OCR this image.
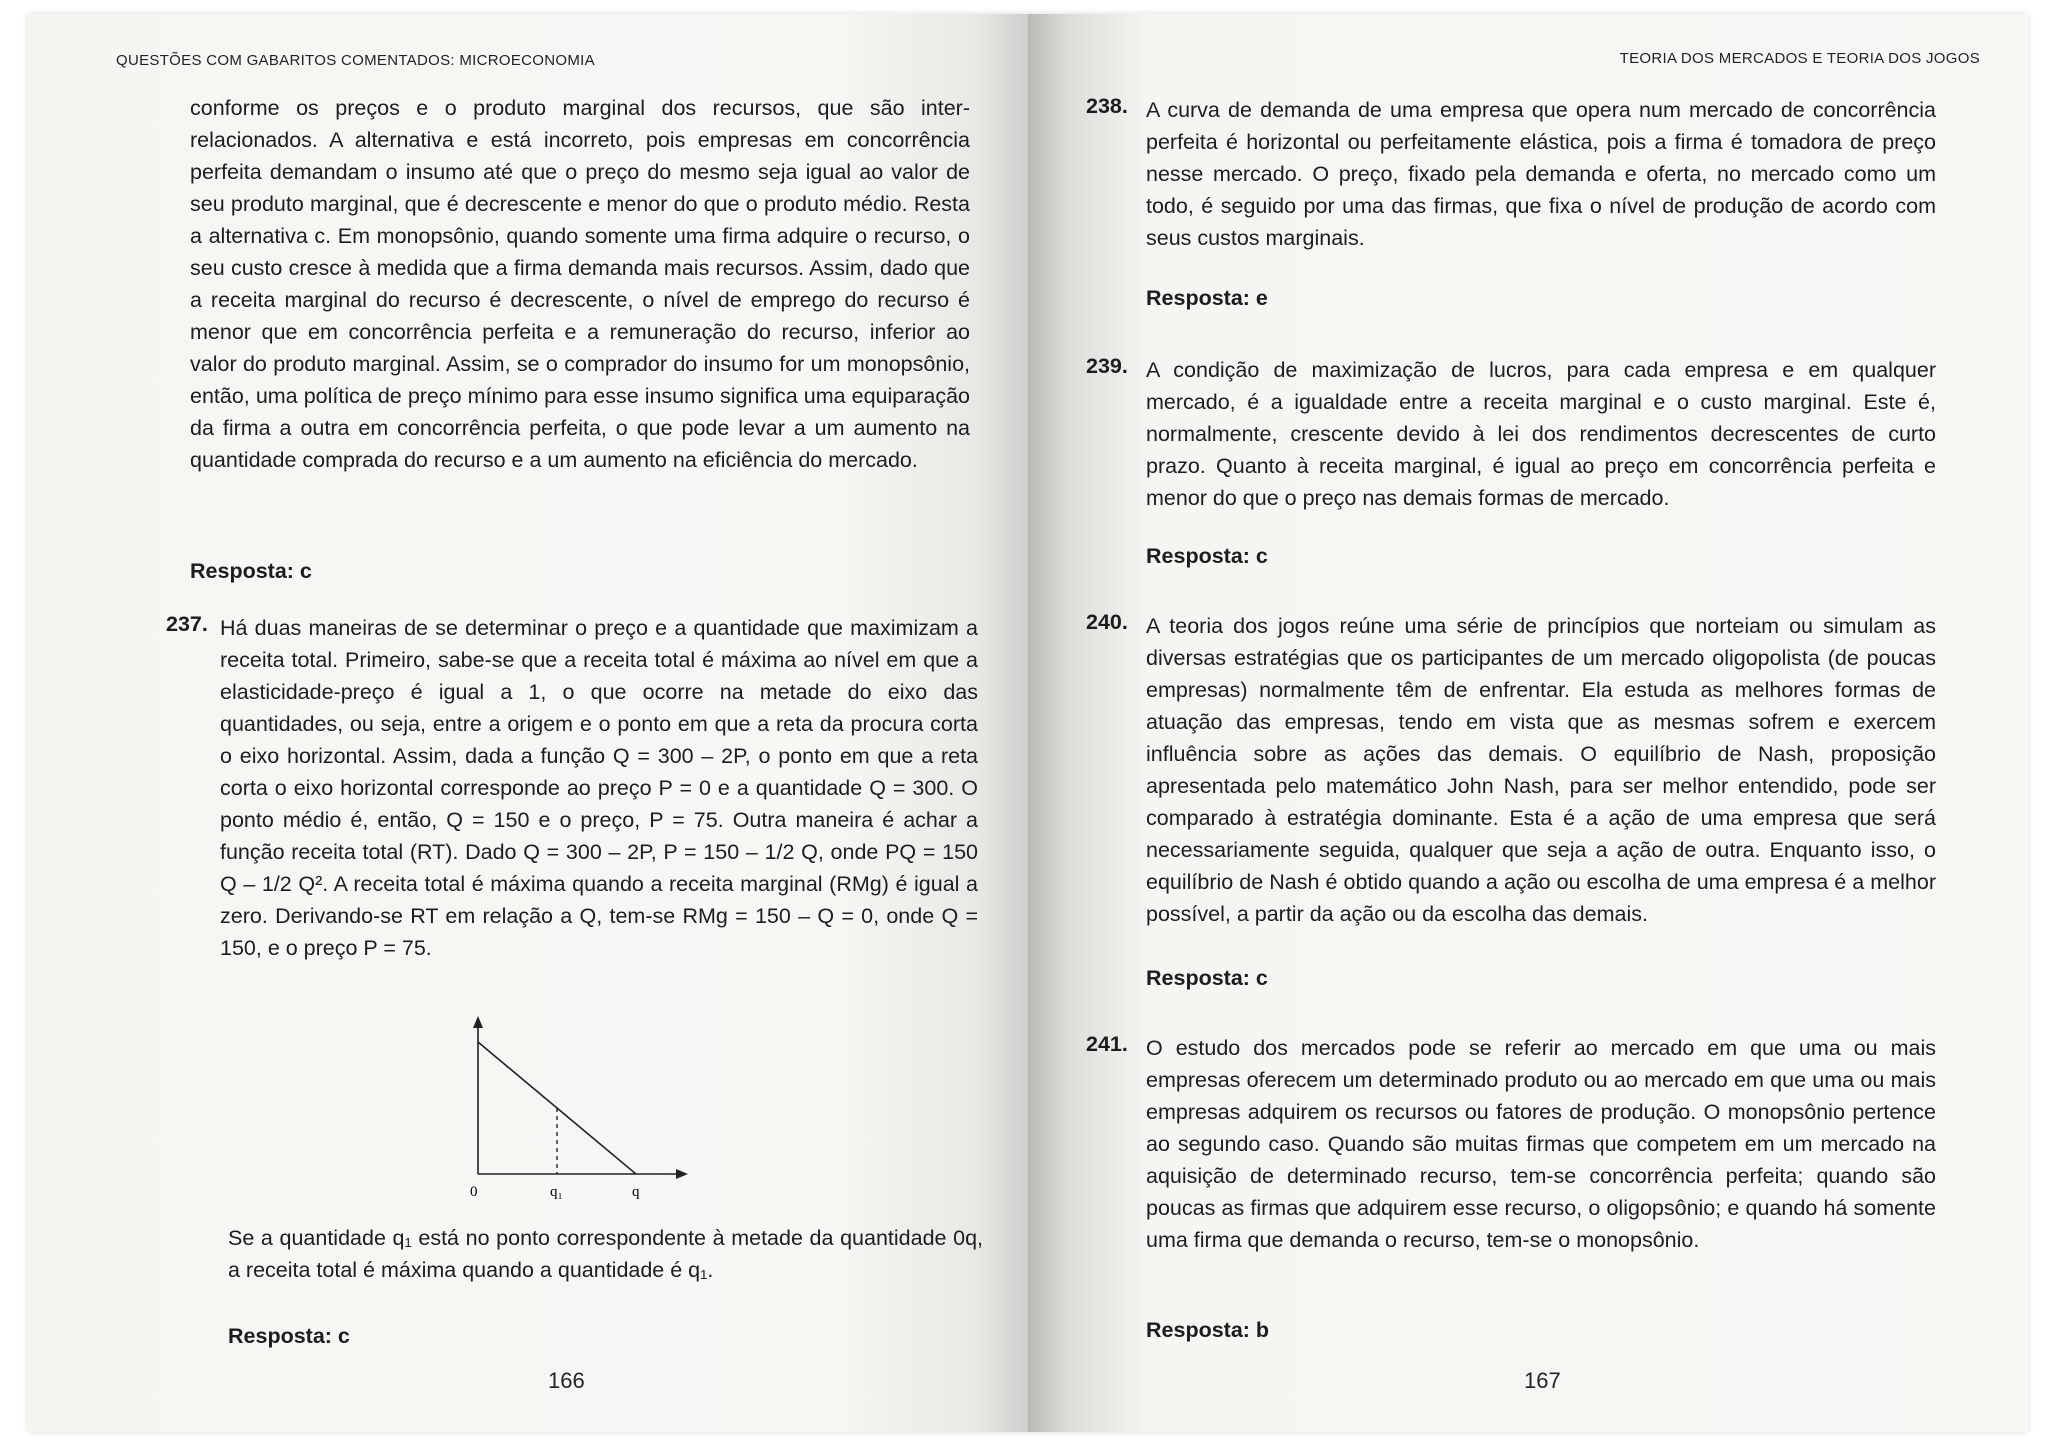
QUESTÕES COM GABARITOS COMENTADOS: MICROECONOMIA

conforme os preços e o produto marginal dos recursos, que são inter-relacionados. A alternativa e está incorreto, pois empresas em concorrência perfeita demandam o insumo até que o preço do mesmo seja igual ao valor de seu produto marginal, que é decrescente e menor do que o produto médio. Resta a alternativa c. Em monopsônio, quando somente uma firma adquire o recurso, o seu custo cresce à medida que a firma demanda mais recursos. Assim, dado que a receita marginal do recurso é decrescente, o nível de emprego do recurso é menor que em concorrência perfeita e a remuneração do recurso, inferior ao valor do produto marginal. Assim, se o comprador do insumo for um monopsônio, então, uma política de preço mínimo para esse insumo significa uma equiparação da firma a outra em concorrência perfeita, o que pode levar a um aumento na quantidade comprada do recurso e a um aumento na eficiência do mercado.

Resposta: c

237. Há duas maneiras de se determinar o preço e a quantidade que maximizam a receita total. Primeiro, sabe-se que a receita total é máxima ao nível em que a elasticidade-preço é igual a 1, o que ocorre na metade do eixo das quantidades, ou seja, entre a origem e o ponto em que a reta da procura corta o eixo horizontal. Assim, dada a função Q = 300 – 2P, o ponto em que a reta corta o eixo horizontal corresponde ao preço P = 0 e a quantidade Q = 300. O ponto médio é, então, Q = 150 e o preço, P = 75. Outra maneira é achar a função receita total (RT). Dado Q = 300 – 2P, P = 150 – 1/2 Q, onde PQ = 150 Q – 1/2 Q². A receita total é máxima quando a receita marginal (RMg) é igual a zero. Derivando-se RT em relação a Q, tem-se RMg = 150 – Q = 0, onde Q = 150, e o preço P = 75.

0	q₁	q

Se a quantidade q₁ está no ponto correspondente à metade da quantidade 0q, a receita total é máxima quando a quantidade é q₁.

Resposta: c

166
TEORIA DOS MERCADOS E TEORIA DOS JOGOS
238. A curva de demanda de uma empresa que opera num mercado de concorrência perfeita é horizontal ou perfeitamente elástica, pois a firma é tomadora de preço nesse mercado. O preço, fixado pela demanda e oferta, no mercado como um todo, é seguido por uma das firmas, que fixa o nível de produção de acordo com seus custos marginais.

Resposta: e

239. A condição de maximização de lucros, para cada empresa e em qualquer mercado, é a igualdade entre a receita marginal e o custo marginal. Este é, normalmente, crescente devido à lei dos rendimentos decrescentes de curto prazo. Quanto à receita marginal, é igual ao preço em concorrência perfeita e menor do que o preço nas demais formas de mercado.

Resposta: c

240. A teoria dos jogos reúne uma série de princípios que norteiam ou simulam as diversas estratégias que os participantes de um mercado oligopolista (de poucas empresas) normalmente têm de enfrentar. Ela estuda as melhores formas de atuação das empresas, tendo em vista que as mesmas sofrem e exercem influência sobre as ações das demais. O equilíbrio de Nash, proposição apresentada pelo matemático John Nash, para ser melhor entendido, pode ser comparado à estratégia dominante. Esta é a ação de uma empresa que será necessariamente seguida, qualquer que seja a ação de outra. Enquanto isso, o equilíbrio de Nash é obtido quando a ação ou escolha de uma empresa é a melhor possível, a partir da ação ou da escolha das demais.

Resposta: c

241. O estudo dos mercados pode se referir ao mercado em que uma ou mais empresas oferecem um determinado produto ou ao mercado em que uma ou mais empresas adquirem os recursos ou fatores de produção. O monopsônio pertence ao segundo caso. Quando são muitas firmas que competem em um mercado na aquisição de determinado recurso, tem-se concorrência perfeita; quando são poucas as firmas que adquirem esse recurso, o oligopsônio; e quando há somente uma firma que demanda o recurso, tem-se o monopsônio.

Resposta: b

167
